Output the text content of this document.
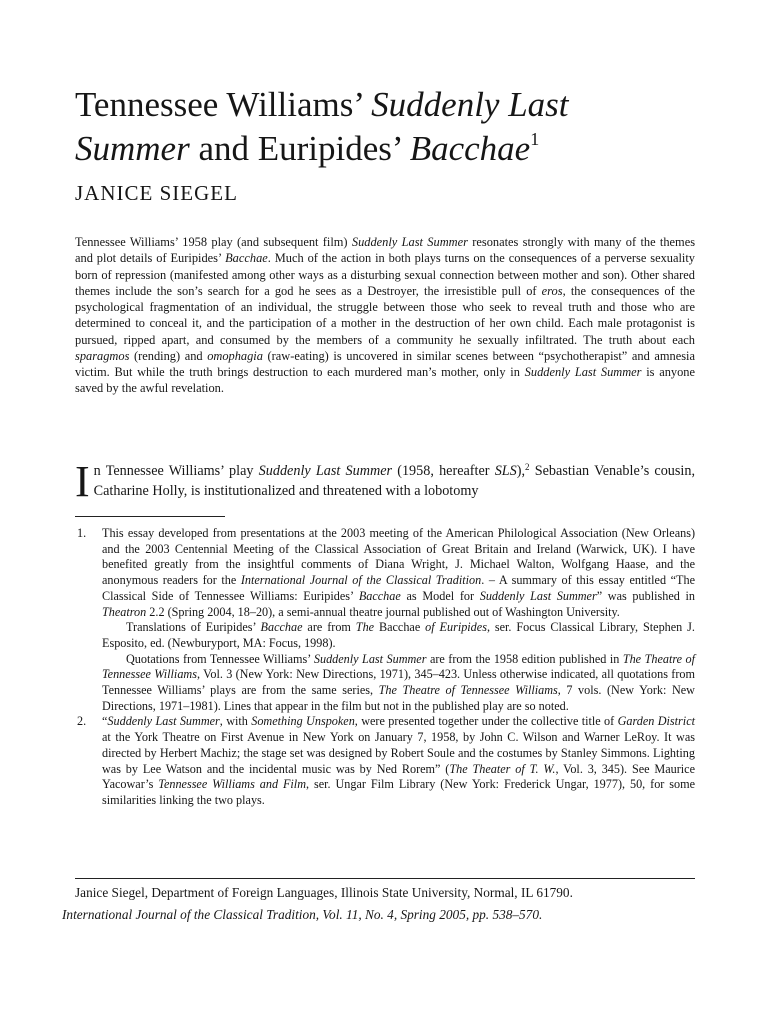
Tennessee Williams’ Suddenly Last
Summer and Euripides’ Bacchae$^1$
JANICE SIEGEL

Tennessee Williams’ 1958 play (and subsequent film) Suddenly Last Summer resonates strongly with many of the themes and plot details of Euripides’ Bacchae. Much of the action in both plays turns on the consequences of a perverse sexuality born of repression (manifested among other ways as a disturbing sexual connection between mother and son). Other shared themes include the son’s search for a god he sees as a Destroyer, the irresistible pull of eros, the consequences of the psychological fragmentation of an individual, the struggle between those who seek to reveal truth and those who are determined to conceal it, and the participation of a mother in the destruction of her own child. Each male protagonist is pursued, ripped apart, and consumed by the members of a community he sexually infiltrated. The truth about each sparagmos (rending) and omophagia (raw-eating) is uncovered in similar scenes between “psychotherapist” and amnesia victim. But while the truth brings destruction to each murdered man’s mother, only in Suddenly Last Summer is anyone saved by the awful revelation.

In Tennessee Williams’ play Suddenly Last Summer (1958, hereafter SLS),$^2$ Sebastian Venable’s cousin, Catharine Holly, is institutionalized and threatened with a lobotomy

1. This essay developed from presentations at the 2003 meeting of the American Philological Association (New Orleans) and the 2003 Centennial Meeting of the Classical Association of Great Britain and Ireland (Warwick, UK). I have benefited greatly from the insightful comments of Diana Wright, J. Michael Walton, Wolfgang Haase, and the anonymous readers for the International Journal of the Classical Tradition. – A summary of this essay entitled “The Classical Side of Tennessee Williams: Euripides’ Bacchae as Model for Suddenly Last Summer” was published in Theatron 2.2 (Spring 2004, 18–20), a semi-annual theatre journal published out of Washington University.

Translations of Euripides’ Bacchae are from The Bacchae of Euripides, ser. Focus Classical Library, Stephen J. Esposito, ed. (Newburyport, MA: Focus, 1998).

Quotations from Tennessee Williams’ Suddenly Last Summer are from the 1958 edition published in The Theatre of Tennessee Williams, Vol. 3 (New York: New Directions, 1971), 345–423. Unless otherwise indicated, all quotations from Tennessee Williams’ plays are from the same series, The Theatre of Tennessee Williams, 7 vols. (New York: New Directions, 1971–1981). Lines that appear in the film but not in the published play are so noted.

2. “Suddenly Last Summer, with Something Unspoken, were presented together under the collective title of Garden District at the York Theatre on First Avenue in New York on January 7, 1958, by John C. Wilson and Warner LeRoy. It was directed by Herbert Machiz; the stage set was designed by Robert Soule and the costumes by Stanley Simmons. Lighting was by Lee Watson and the incidental music was by Ned Rorem” (The Theater of T. W., Vol. 3, 345). See Maurice Yacowar’s Tennessee Williams and Film, ser. Ungar Film Library (New York: Frederick Ungar, 1977), 50, for some similarities linking the two plays.

Janice Siegel, Department of Foreign Languages, Illinois State University, Normal, IL 61790.

International Journal of the Classical Tradition, Vol. 11, No. 4, Spring 2005, pp. 538–570.
